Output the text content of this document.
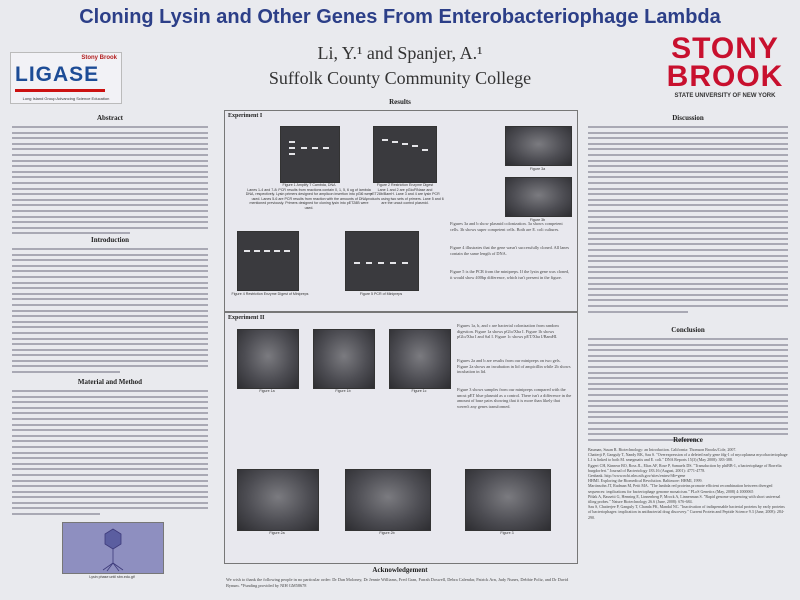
Cloning Lysin and Other Genes From Enterobacteriophage Lambda
Li, Y.¹ and Spanjer, A.¹
Suffolk County Community College
Stony Brook
LIGASE
Long Island Group Advancing Science Education
STONY
BROOK
STATE UNIVERSITY OF NEW YORK
Abstract
Introduction
Material and Method
Lysin phase until sbn.edu.gif
Results
Experiment I
Figure 1 Amplify T Cambda, DNA
Lanes 1-4 and 7-8: PCR results from reactions contain 0, 1, 5, 6 ug of lambda DNA, respectively. Lysin primers designed for amplicon insertion into pGl6 were used. Lanes 5-6 are PCR results from reaction with the amounts of DNA mentioned previously. Primers designed for cloning lysin into pET28B were used.
Figure 2 Restriction Enzyme Digest
Lane 1 and 2 are pGlo/RNase and pET28b/BamH. Lane 3 and 4 are lysin PCR products using two sets of primers. Lane 5 and 6 are the uncut control plasmid.
Figure 3a
Figure 3b
Figure 4 Restriction Enzyme Digest of Minipreps	Figure 5 PCR of Minipreps
Figures 3a and b show plasmid colonization. 3a shows competent cells. 3b shows super competent cells. Both are E. coli cultures.
Figure 4 illustrates that the gene wasn't successfully cloned. All lanes contain the same length of DNA.
Figure 5 is the PCR from the minipreps. If the lysin gene was cloned, it would show 400bp difference, which isn't present in the figure.
Experiment II
Figure 1a	Figure 1b	Figure 1c
Figures 1a, b, and c are bacterial colonization from random digestion. Figure 1a shows pGlo/Xba I. Figure 1b shows pGlo/Xba I and Sal I. Figure 1c shows pET/Xba I/BamHI.
Figures 2a and b are results from our minipreps on two gels. Figure 2a shows an incubation in lid of ampicillin while 2b shows incubation in lid.
Figure 3 shows samples from our minipreps compared with the uncut pET blue plasmid as a control. There isn't a difference in the amount of base pairs showing that it is more than likely that weren't any genes transformed.
Figure 2a	Figure 2b	Figure 3
Acknowledgement
We wish to thank the following people in no particular order: Dr Dan Moloney, Dr Jennie Williams, Fred Gran, Farrah Doswell, Debra Calendar, Patrick Arn, Judy Nunes, Debbie Poliz, and Dr David Bynum. *Funding provided by NIH GM58678
Discussion
Conclusion
Reference
Bauman, Susan R. Biotechnology: an Introduction. California: Thomson Brooks/Cole, 2007.
Chatterji P, Ganguly T, Nandy RK, Sau S. "Overexpression of a deleted early gene fdg-1 of mycoplasma mycobacteriophage L1 is linked to both M. smegmatis and E. coli." DNA Reports 15(3) (May 2008): 383-388.
Eggert CH, Kinnear BO, Ross JL, Elias AF, Rose P, Samuels DS. "Transduction by phiBB-1, a bacteriophage of Borrelia burgdorferi." Journal of Bacteriology 183.16 (August, 2001): 4771-4778.
Genbank. http://www.ncbi.nlm.nih.gov/sites/entrez?db=gene
HHMI. Exploring the Biomedical Revolution. Baltimore: HHMI, 1999.
Martinsohn JT, Radman M, Petit MA. "The lambda red proteins promote efficient recombination between diverged sequences: implications for bacteriophage genome mosaicism." PLoS Genetics (May, 2008) 4:1000065
Pfdak A, Bassetti G, Henning E, Linnenberg P, Mrock A, Linnenman S. "Rapid genome sequencing with short universal tiling probes." Nature Biotechnology 26.6 (June, 2008): 676-684.
Sau S, Chatterjee P, Ganguly T, Chanda PK, Mandal NC. "Inactivation of indispensable bacterial proteins by early proteins of bacteriophages: implication in antibacterial drug discovery." Current Protein and Peptide Science 9.3 (June, 2008): 284-290.
